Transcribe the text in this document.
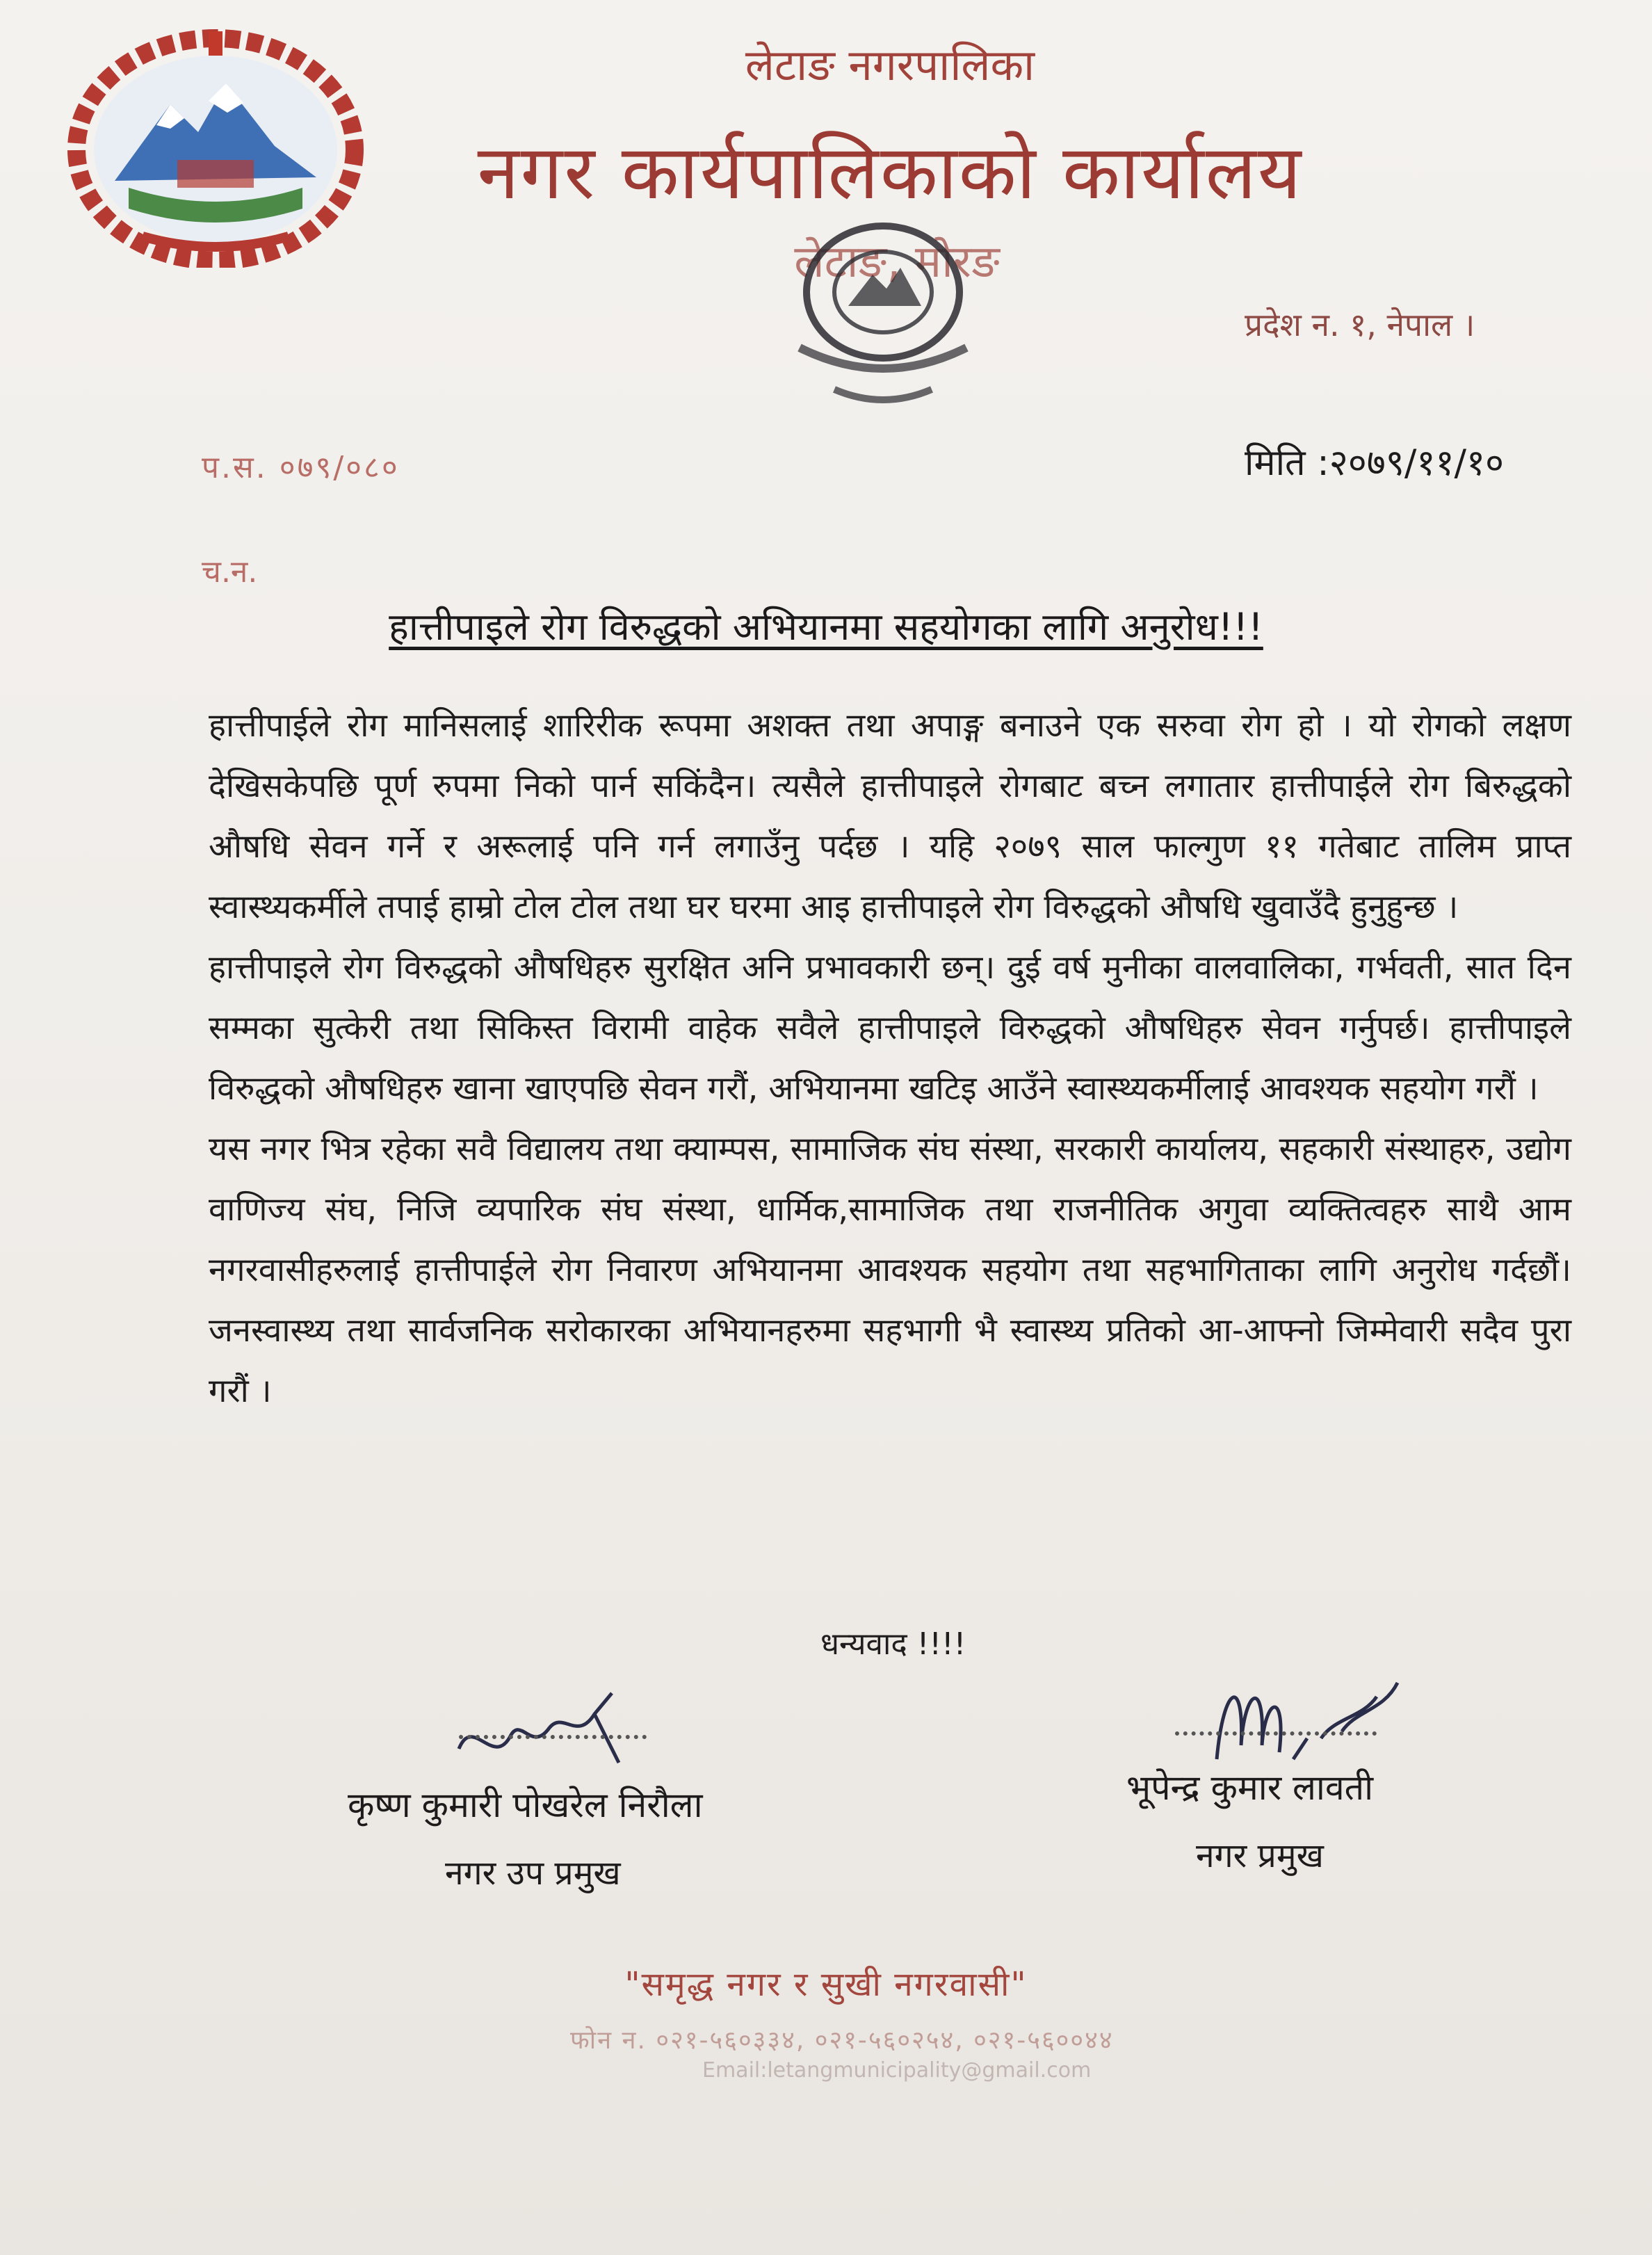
लेटाङ नगरपालिका
नगर कार्यपालिकाको कार्यालय
लेटाङ, मोरङ
प्रदेश न. १, नेपाल ।
प.स. ०७९/०८०	मिति :२०७९/११/१०
च.न.
हात्तीपाइले रोग विरुद्धको अभियानमा सहयोगका लागि अनुरोध!!!

हात्तीपाईले रोग मानिसलाई शारिरीक रूपमा अशक्त तथा अपाङ्ग बनाउने एक सरुवा रोग हो । यो रोगको लक्षण देखिसकेपछि पूर्ण रुपमा निको पार्न सकिंदैन। त्यसैले हात्तीपाइले रोगबाट बच्न लगातार हात्तीपाईले रोग बिरुद्धको औषधि सेवन गर्ने र अरूलाई पनि गर्न लगाउँनु पर्दछ । यहि २०७९ साल फाल्गुण ११ गतेबाट तालिम प्राप्त स्वास्थ्यकर्मीले तपाई हाम्रो टोल टोल तथा घर घरमा आइ हात्तीपाइले रोग विरुद्धको औषधि खुवाउँदै हुनुहुन्छ ।

हात्तीपाइले रोग विरुद्धको औषधिहरु सुरक्षित अनि प्रभावकारी छन्। दुई वर्ष मुनीका वालवालिका, गर्भवती, सात दिन सम्मका सुत्केरी तथा सिकिस्त विरामी वाहेक सवैले हात्तीपाइले विरुद्धको औषधिहरु सेवन गर्नुपर्छ। हात्तीपाइले विरुद्धको औषधिहरु खाना खाएपछि सेवन गरौं, अभियानमा खटिइ आउँने स्वास्थ्यकर्मीलाई आवश्यक सहयोग गरौं ।

यस नगर भित्र रहेका सवै विद्यालय तथा क्याम्पस, सामाजिक संघ संस्था, सरकारी कार्यालय, सहकारी संस्थाहरु, उद्योग वाणिज्य संघ, निजि व्यपारिक संघ संस्था, धार्मिक,सामाजिक तथा राजनीतिक अगुवा व्यक्तित्वहरु साथै आम नगरवासीहरुलाई हात्तीपाईले रोग निवारण अभियानमा आवश्यक सहयोग तथा सहभागिताका लागि अनुरोध गर्दछौं। जनस्वास्थ्य तथा सार्वजनिक सरोकारका अभियानहरुमा सहभागी भै स्वास्थ्य प्रतिको आ-आफ्नो जिम्मेवारी सदैव पुरा गरौं ।

धन्यवाद !!!!
कृष्ण कुमारी पोखरेल निरौला
नगर उप प्रमुख
भूपेन्द्र कुमार लावती
नगर प्रमुख
"समृद्ध नगर र सुखी नगरवासी"
फोन न. ०२१-५६०३३४, ०२१-५६०२५४, ०२१-५६००४४
Email:letangmunicipality@gmail.com
